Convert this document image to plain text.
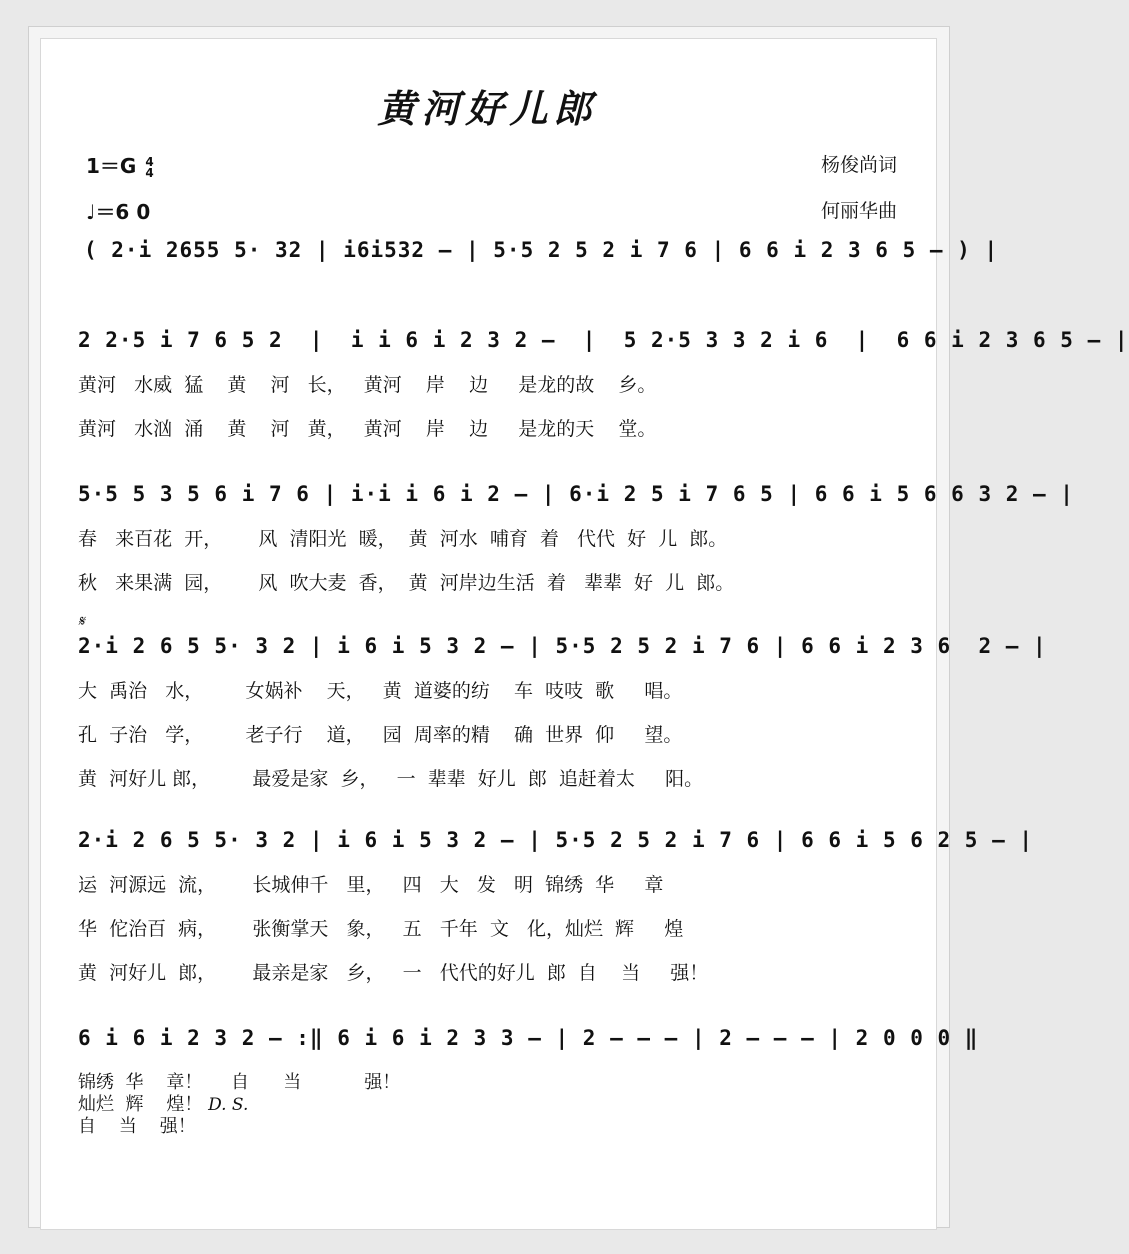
黄河好儿郎
1＝G 4
4
♩＝6 0
杨俊尚词
何丽华曲
( 2·i 2655 5· 32 | i6i532 — | 5·5 2 5 2 i 7 6 | 6 6 i 2 3 6 5 — ) |
2 2·5 i 7 6 5 2  |  i i 6 i 2 3 2 —  |  5 2·5 3 3 2 i 6  |  6 6 i 2 3 6 5 — |
黄河   水威  猛    黄    河   长，   黄河    岸    边     是龙的故    乡。
黄河   水汹  涌    黄    河   黄，   黄河    岸    边     是龙的天    堂。
5·5 5 3 5 6 i 7 6 | i·i i 6 i 2 — | 6·i 2 5 i 7 6 5 | 6 6 i 5 6 6 3 2 — |
春   来百花  开，      风  清阳光  暖，  黄  河水  哺育  着   代代  好  儿  郎。
秋   来果满  园，      风  吹大麦  香，  黄  河岸边生活  着   辈辈  好  儿  郎。
𝄋
2·i 2 6 5 5· 3 2 | i 6 i 5 3 2 — | 5·5 2 5 2 i 7 6 | 6 6 i 2 3 6  2 — |
大  禹治   水，       女娲补    天，   黄  道婆的纺    车  吱吱  歌     唱。
孔  子治   学，       老子行    道，   园  周率的精    确  世界  仰     望。
黄  河好儿 郎，       最爱是家  乡，   一  辈辈  好儿  郎  追赶着太     阳。
2·i 2 6 5 5· 3 2 | i 6 i 5 3 2 — | 5·5 2 5 2 i 7 6 | 6 6 i 5 6 2 5 — |
运  河源远  流，      长城伸千   里，   四   大   发   明  锦绣  华     章
华  佗治百  病，      张衡掌天   象，   五   千年  文   化，灿烂  辉     煌
黄  河好儿  郎，      最亲是家   乡，   一   代代的好儿  郎  自    当     强！
6 i 6 i 2 3 2 — :‖ 6 i 6 i 2 3 3 — | 2 — — — | 2 — — — | 2 0 0 0 ‖
锦绣  华    章！     自      当           强！
灿烂  辉    煌！ D. S.
自    当    强！
